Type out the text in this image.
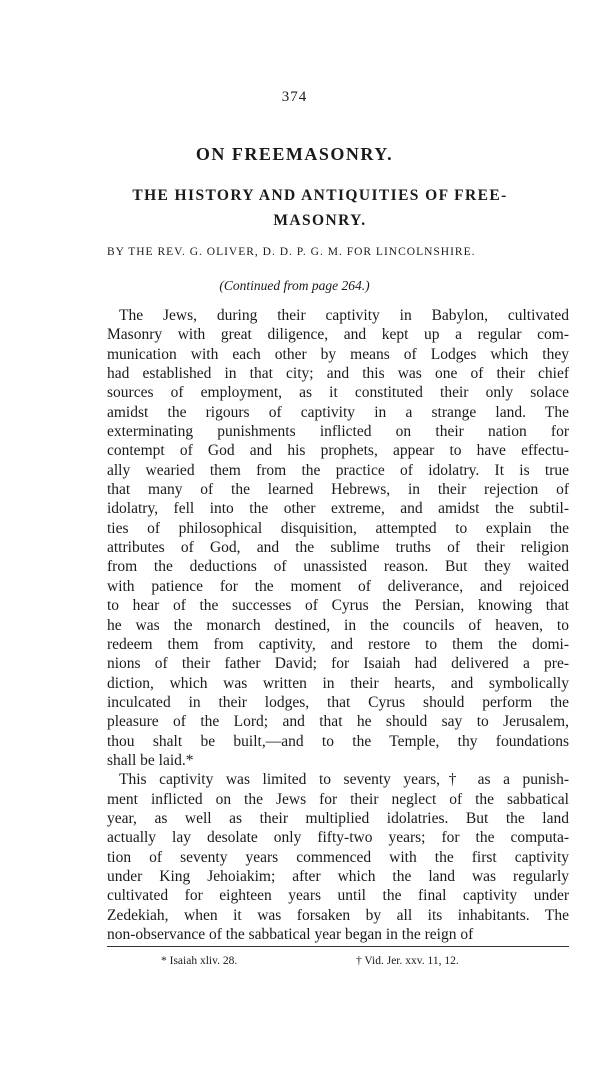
374
ON FREEMASONRY.
THE HISTORY AND ANTIQUITIES OF FREE-
MASONRY.
BY THE REV. G. OLIVER, D. D. P. G. M. FOR LINCOLNSHIRE.
(Continued from page 264.)
The Jews, during their captivity in Babylon, cultivated
Masonry with great diligence, and kept up a regular com-
munication with each other by means of Lodges which they
had established in that city; and this was one of their chief
sources of employment, as it constituted their only solace
amidst the rigours of captivity in a strange land. The
exterminating punishments inflicted on their nation for
contempt of God and his prophets, appear to have effectu-
ally wearied them from the practice of idolatry. It is true
that many of the learned Hebrews, in their rejection of
idolatry, fell into the other extreme, and amidst the subtil-
ties of philosophical disquisition, attempted to explain the
attributes of God, and the sublime truths of their religion
from the deductions of unassisted reason. But they waited
with patience for the moment of deliverance, and rejoiced
to hear of the successes of Cyrus the Persian, knowing that
he was the monarch destined, in the councils of heaven, to
redeem them from captivity, and restore to them the domi-
nions of their father David; for Isaiah had delivered a pre-
diction, which was written in their hearts, and symbolically
inculcated in their lodges, that Cyrus should perform the
pleasure of the Lord; and that he should say to Jerusalem,
thou shalt be built,—and to the Temple, thy foundations
shall be laid.*
This captivity was limited to seventy years,† as a punish-
ment inflicted on the Jews for their neglect of the sabbatical
year, as well as their multiplied idolatries. But the land
actually lay desolate only fifty-two years; for the computa-
tion of seventy years commenced with the first captivity
under King Jehoiakim; after which the land was regularly
cultivated for eighteen years until the final captivity under
Zedekiah, when it was forsaken by all its inhabitants. The
non-observance of the sabbatical year began in the reign of
* Isaiah xliv. 28.	† Vid. Jer. xxv. 11, 12.
